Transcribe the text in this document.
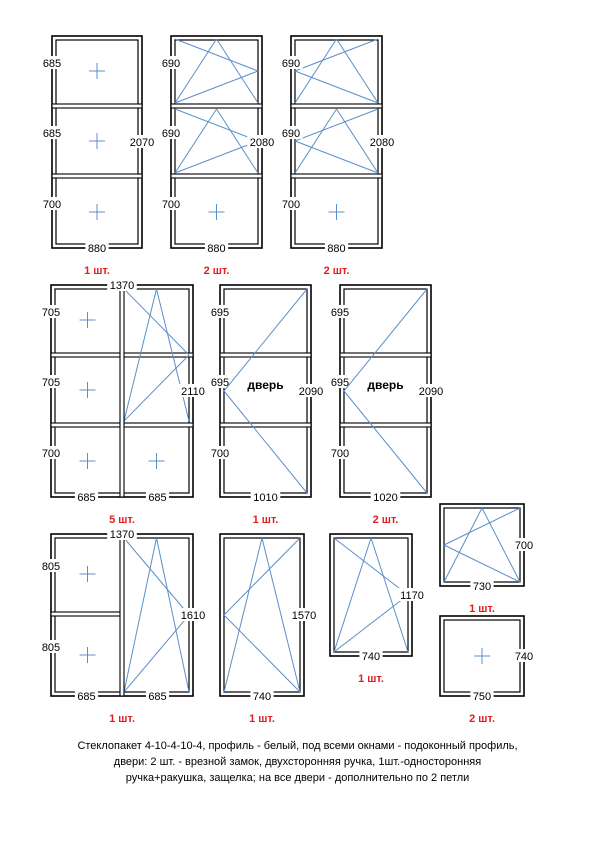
685
685
700
2070
880
1 шт.
690
690
700
2080
880
2 шт.
690
690
700
2080
880
2 шт.
705
705
700
1370
2110
685	685
5 шт.
805
805
1370
1610
685	685
1 шт.
695
695
700
дверь 2090
1010
1 шт.
695
695
700
дверь 2090
1020
2 шт.
1570
740
1 шт.
1170
740
1 шт.
700
730
1 шт.
740
750
2 шт.
Стеклопакет 4-10-4-10-4, профиль - белый, под всеми окнами - подоконный профиль,
двери: 2 шт. - врезной замок, двухсторонняя ручка, 1шт.-односторонняя
ручка+ракушка, защелка; на все двери - дополнительно по 2 петли
